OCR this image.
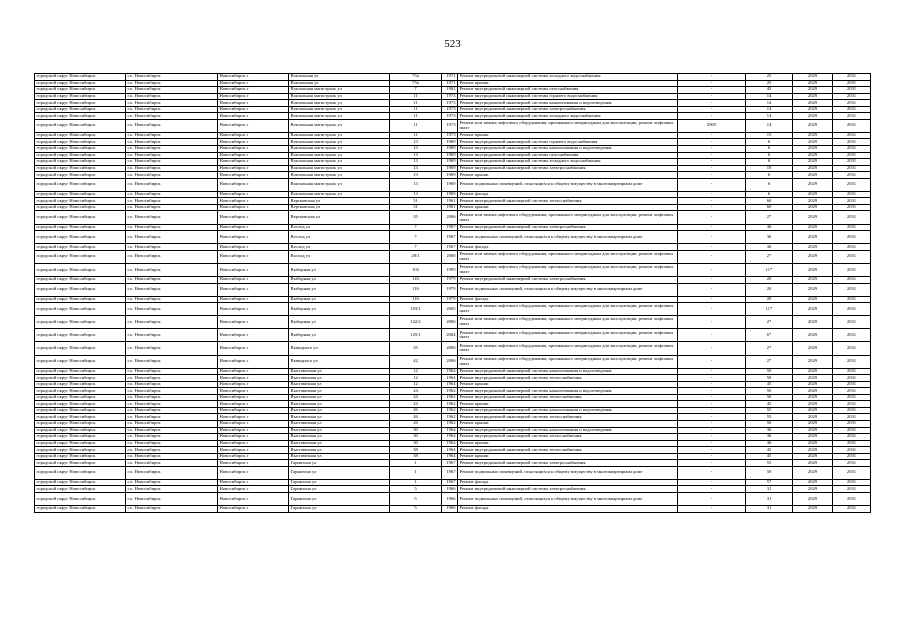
523
городской округ Новосибирск	г.о. Новосибирск	Новосибирск г	Вокзальная ул	75а	1971	Ремонт внутридомовой инженерной системы холодного водоснабжения	-	25	2029	2031
городской округ Новосибирск	г.о. Новосибирск	Новосибирск г	Вокзальная ул	75а	1971	Ремонт крыши	-	25	2029	2031
городской округ Новосибирск	г.о. Новосибирск	Новосибирск г	Вокзальная магистраль ул	7	1962	Ремонт внутридомовой инженерной системы газоснабжения	-	45	2029	2031
городской округ Новосибирск	г.о. Новосибирск	Новосибирск г	Вокзальная магистраль ул	11	1973	Ремонт внутридомовой инженерной системы горячего водоснабжения	-	14	2029	2031
городской округ Новосибирск	г.о. Новосибирск	Новосибирск г	Вокзальная магистраль ул	11	1973	Ремонт внутридомовой инженерной системы канализования и водоотведения	-	14	2029	2031
городской округ Новосибирск	г.о. Новосибирск	Новосибирск г	Вокзальная магистраль ул	11	1973	Ремонт внутридомовой инженерной системы электроснабжения	-	14	2029	2031
городской округ Новосибирск	г.о. Новосибирск	Новосибирск г	Вокзальная магистраль ул	11	1973	Ремонт внутридомовой инженерной системы холодного водоснабжения	-	14	2029	2031
городской округ Новосибирск	г.о. Новосибирск	Новосибирск г	Вокзальная магистраль ул	11	1973	Ремонт или замена лифтового оборудования, признанного непригодным для эксплуатации, ремонт лифтовых шахт	2905	14	2029	2031
городской округ Новосибирск	г.о. Новосибирск	Новосибирск г	Вокзальная магистраль ул	11	1973	Ремонт крыши	-	15	2029	2031
городской округ Новосибирск	г.о. Новосибирск	Новосибирск г	Вокзальная магистраль ул	13	1969	Ремонт внутридомовой инженерной системы горячего водоснабжения	-	6	2029	2031
городской округ Новосибирск	г.о. Новосибирск	Новосибирск г	Вокзальная магистраль ул	13	1969	Ремонт внутридомовой инженерной системы канализования и водоотведения	-	6	2029	2031
городской округ Новосибирск	г.о. Новосибирск	Новосибирск г	Вокзальная магистраль ул	13	1969	Ремонт внутридомовой инженерной системы газоснабжения	-	6	2029	2031
городской округ Новосибирск	г.о. Новосибирск	Новосибирск г	Вокзальная магистраль ул	13	1969	Ремонт внутридомовой инженерной системы холодного водоснабжения	-	6	2029	2031
городской округ Новосибирск	г.о. Новосибирск	Новосибирск г	Вокзальная магистраль ул	13	1969	Ремонт внутридомовой инженерной системы электроснабжения	-	10	2029	2031
городской округ Новосибирск	г.о. Новосибирск	Новосибирск г	Вокзальная магистраль ул	13	1969	Ремонт крыши	-	6	2029	2031
городской округ Новосибирск	г.о. Новосибирск	Новосибирск г	Вокзальная магистраль ул	13	1969	Ремонт подвальных помещений, относящихся к общему имуществу в многоквартирном доме	-	6	2029	2031
городской округ Новосибирск	г.о. Новосибирск	Новосибирск г	Вокзальная магистраль ул	13	1969	Ремонт фасада	-	6	2029	2031
городской округ Новосибирск	г.о. Новосибирск	Новосибирск г	Вертковская ул	51	1961	Ремонт внутридомовой инженерной системы теплоснабжения	-	60	2029	2031
городской округ Новосибирск	г.о. Новосибирск	Новосибирск г	Вертковская ул	51	1961	Ремонт крыши	-	60	2029	2031
городской округ Новосибирск	г.о. Новосибирск	Новосибирск г	Вертковская ул	35	2006	Ремонт или замена лифтового оборудования, признанного непригодным для эксплуатации, ремонт лифтовых шахт	-	2*	2029	2031
городской округ Новосибирск	г.о. Новосибирск	Новосибирск г	Восход ул	7	1967	Ремонт внутридомовой инженерной системы электроснабжения	-	36	2029	2031
городской округ Новосибирск	г.о. Новосибирск	Новосибирск г	Восход ул	7	1967	Ремонт подвальных помещений, относящихся к общему имуществу в многоквартирном доме	-	36	2029	2031
городской округ Новосибирск	г.о. Новосибирск	Новосибирск г	Восход ул	7	1967	Ремонт фасада	-	36	2029	2031
городской округ Новосибирск	г.о. Новосибирск	Новосибирск г	Восход ул	28/1	2000	Ремонт или замена лифтового оборудования, признанного непригодным для эксплуатации, ремонт лифтовых шахт	-	2*	2029	2031
городской округ Новосибирск	г.о. Новосибирск	Новосибирск г	Выборная ул	102	1995	Ремонт или замена лифтового оборудования, признанного непригодным для эксплуатации, ремонт лифтовых шахт	-	11*	2029	2031
городской округ Новосибирск	г.о. Новосибирск	Новосибирск г	Выборная ул	116	1979	Ремонт внутридомовой инженерной системы электроснабжения	-	20	2029	2031
городской округ Новосибирск	г.о. Новосибирск	Новосибирск г	Выборная ул	116	1979	Ремонт подвальных помещений, относящихся к общему имуществу в многоквартирном доме	-	20	2029	2031
городской округ Новосибирск	г.о. Новосибирск	Новосибирск г	Выборная ул	116	1979	Ремонт фасада	-	20	2029	2031
городской округ Новосибирск	г.о. Новосибирск	Новосибирск г	Выборная ул	103/1	2005	Ремонт или замена лифтового оборудования, признанного непригодным для эксплуатации, ремонт лифтовых шахт	-	11*	2029	2031
городской округ Новосибирск	г.о. Новосибирск	Новосибирск г	Выборная ул	122/2	2006	Ремонт или замена лифтового оборудования, признанного непригодным для эксплуатации, ремонт лифтовых шахт	-	2*	2029	2031
городской округ Новосибирск	г.о. Новосибирск	Новосибирск г	Выборная ул	125/1	2004	Ремонт или замена лифтового оборудования, признанного непригодным для эксплуатации, ремонт лифтовых шахт	-	6*	2029	2031
городской округ Новосибирск	г.о. Новосибирск	Новосибирск г	Выводного ул	35	2006	Ремонт или замена лифтового оборудования, признанного непригодным для эксплуатации, ремонт лифтовых шахт	-	2*	2029	2031
городской округ Новосибирск	г.о. Новосибирск	Новосибирск г	Выводного ул	42	2006	Ремонт или замена лифтового оборудования, признанного непригодным для эксплуатации, ремонт лифтовых шахт	-	2*	2029	2031
городской округ Новосибирск	г.о. Новосибирск	Новосибирск г	Выставочная ул	12	1964	Ремонт внутридомовой инженерной системы канализования и водоотведения	-	50	2029	2031
городской округ Новосибирск	г.о. Новосибирск	Новосибирск г	Выставочная ул	12	1964	Ремонт внутридомовой инженерной системы теплоснабжения	-	50	2029	2031
городской округ Новосибирск	г.о. Новосибирск	Новосибирск г	Выставочная ул	12	1964	Ремонт крыши	-	45	2029	2031
городской округ Новосибирск	г.о. Новосибирск	Новосибирск г	Выставочная ул	24	1962	Ремонт внутридомовой инженерной системы канализования и водоотведения	-	50	2029	2031
городской округ Новосибирск	г.о. Новосибирск	Новосибирск г	Выставочная ул	24	1962	Ремонт внутридомовой инженерной системы теплоснабжения	-	56	2029	2031
городской округ Новосибирск	г.о. Новосибирск	Новосибирск г	Выставочная ул	24	1962	Ремонт крыши	-	45	2029	2031
городской округ Новосибирск	г.о. Новосибирск	Новосибирск г	Выставочная ул	26	1962	Ремонт внутридомовой инженерной системы канализования и водоотведения	-	55	2029	2031
городской округ Новосибирск	г.о. Новосибирск	Новосибирск г	Выставочная ул	26	1962	Ремонт внутридомовой инженерной системы теплоснабжения	-	55	2029	2031
городской округ Новосибирск	г.о. Новосибирск	Новосибирск г	Выставочная ул	26	1962	Ремонт крыши	-	50	2029	2031
городской округ Новосибирск	г.о. Новосибирск	Новосибирск г	Выставочная ул	30	1964	Ремонт внутридомовой инженерной системы канализования и водоотведения	-	36	2029	2031
городской округ Новосибирск	г.о. Новосибирск	Новосибирск г	Выставочная ул	30	1964	Ремонт внутридомовой инженерной системы теплоснабжения	-	36	2029	2031
городской округ Новосибирск	г.о. Новосибирск	Новосибирск г	Выставочная ул	30	1964	Ремонт крыши	-	36	2029	2031
городской округ Новосибирск	г.о. Новосибирск	Новосибирск г	Выставочная ул	38	1964	Ремонт внутридомовой инженерной системы теплоснабжения	-	45	2029	2031
городской округ Новосибирск	г.о. Новосибирск	Новосибирск г	Выставочная ул	38	1964	Ремонт крыши	-	45	2029	2031
городской округ Новосибирск	г.о. Новосибирск	Новосибирск г	Гарнизона ул	1	1967	Ремонт внутридомовой инженерной системы электроснабжения	-	55	2029	2031
городской округ Новосибирск	г.о. Новосибирск	Новосибирск г	Гарнизона ул	1	1967	Ремонт подвальных помещений, относящихся к общему имуществу в многоквартирном доме	-	50	2029	2031
городской округ Новосибирск	г.о. Новосибирск	Новосибирск г	Гарнизона ул	1	1967	Ремонт фасада	-	57	2029	2031
городской округ Новосибирск	г.о. Новосибирск	Новосибирск г	Гарнизона ул	5	1966	Ремонт внутридомовой инженерной системы электроснабжения	-	31	2029	2031
городской округ Новосибирск	г.о. Новосибирск	Новосибирск г	Гарнизона ул	5	1966	Ремонт подвальных помещений, относящихся к общему имуществу в многоквартирном доме	-	31	2029	2031
городской округ Новосибирск	г.о. Новосибирск	Новосибирск г	Гарнизона ул	5	1966	Ремонт фасада	-	31	2029	2031
